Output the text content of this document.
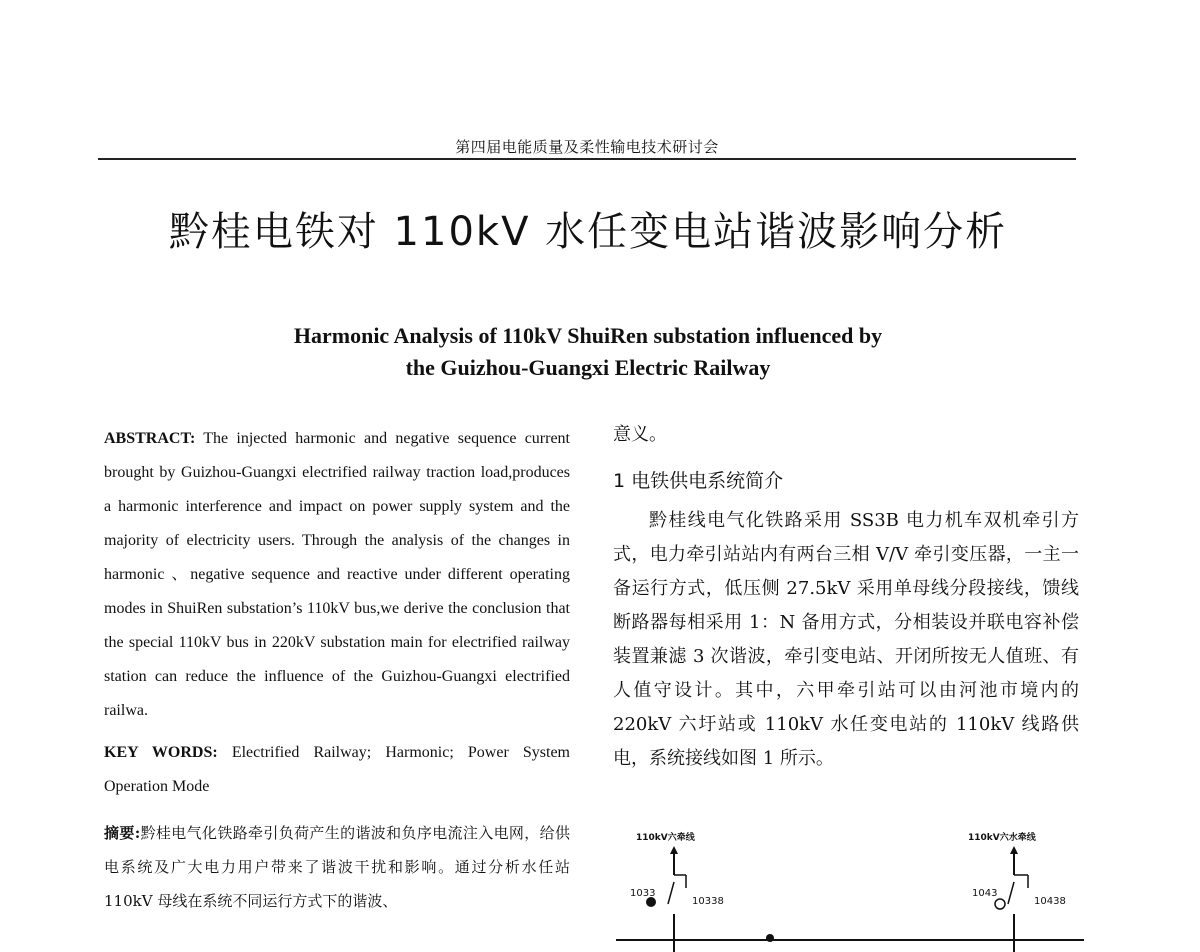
第四届电能质量及柔性输电技术研讨会
黔桂电铁对 110kV 水任变电站谐波影响分析
Harmonic Analysis of 110kV ShuiRen substation influenced by
the Guizhou-Guangxi Electric Railway

ABSTRACT: The injected harmonic and negative sequence current brought by Guizhou-Guangxi electrified railway traction load,produces a harmonic interference and impact on power supply system and the majority of electricity users. Through the analysis of the changes in harmonic 、negative sequence and reactive under different operating modes in ShuiRen substation’s 110kV bus,we derive the conclusion that the special 110kV bus in 220kV substation main for electrified railway station can reduce the influence of the Guizhou-Guangxi electrified railwa.

KEY WORDS: Electrified Railway; Harmonic; Power System Operation Mode

摘要:黔桂电气化铁路牵引负荷产生的谐波和负序电流注入电网，给供电系统及广大电力用户带来了谐波干扰和影响。通过分析水任站 110kV 母线在系统不同运行方式下的谐波、

意义。

1 电铁供电系统简介

黔桂线电气化铁路采用 SS3B 电力机车双机牵引方式，电力牵引站站内有两台三相 V/V 牵引变压器，一主一备运行方式，低压侧 27.5kV 采用单母线分段接线，馈线断路器每相采用 1：N 备用方式，分相装设并联电容补偿装置兼滤 3 次谐波，牵引变电站、开闭所按无人值班、有人值守设计。其中，六甲牵引站可以由河池市境内的 220kV 六圩站或 110kV 水任变电站的 110kV 线路供电，系统接线如图 1 所示。

110kV六牵线
1033
10338
110kV六水牵线
1043
10438
